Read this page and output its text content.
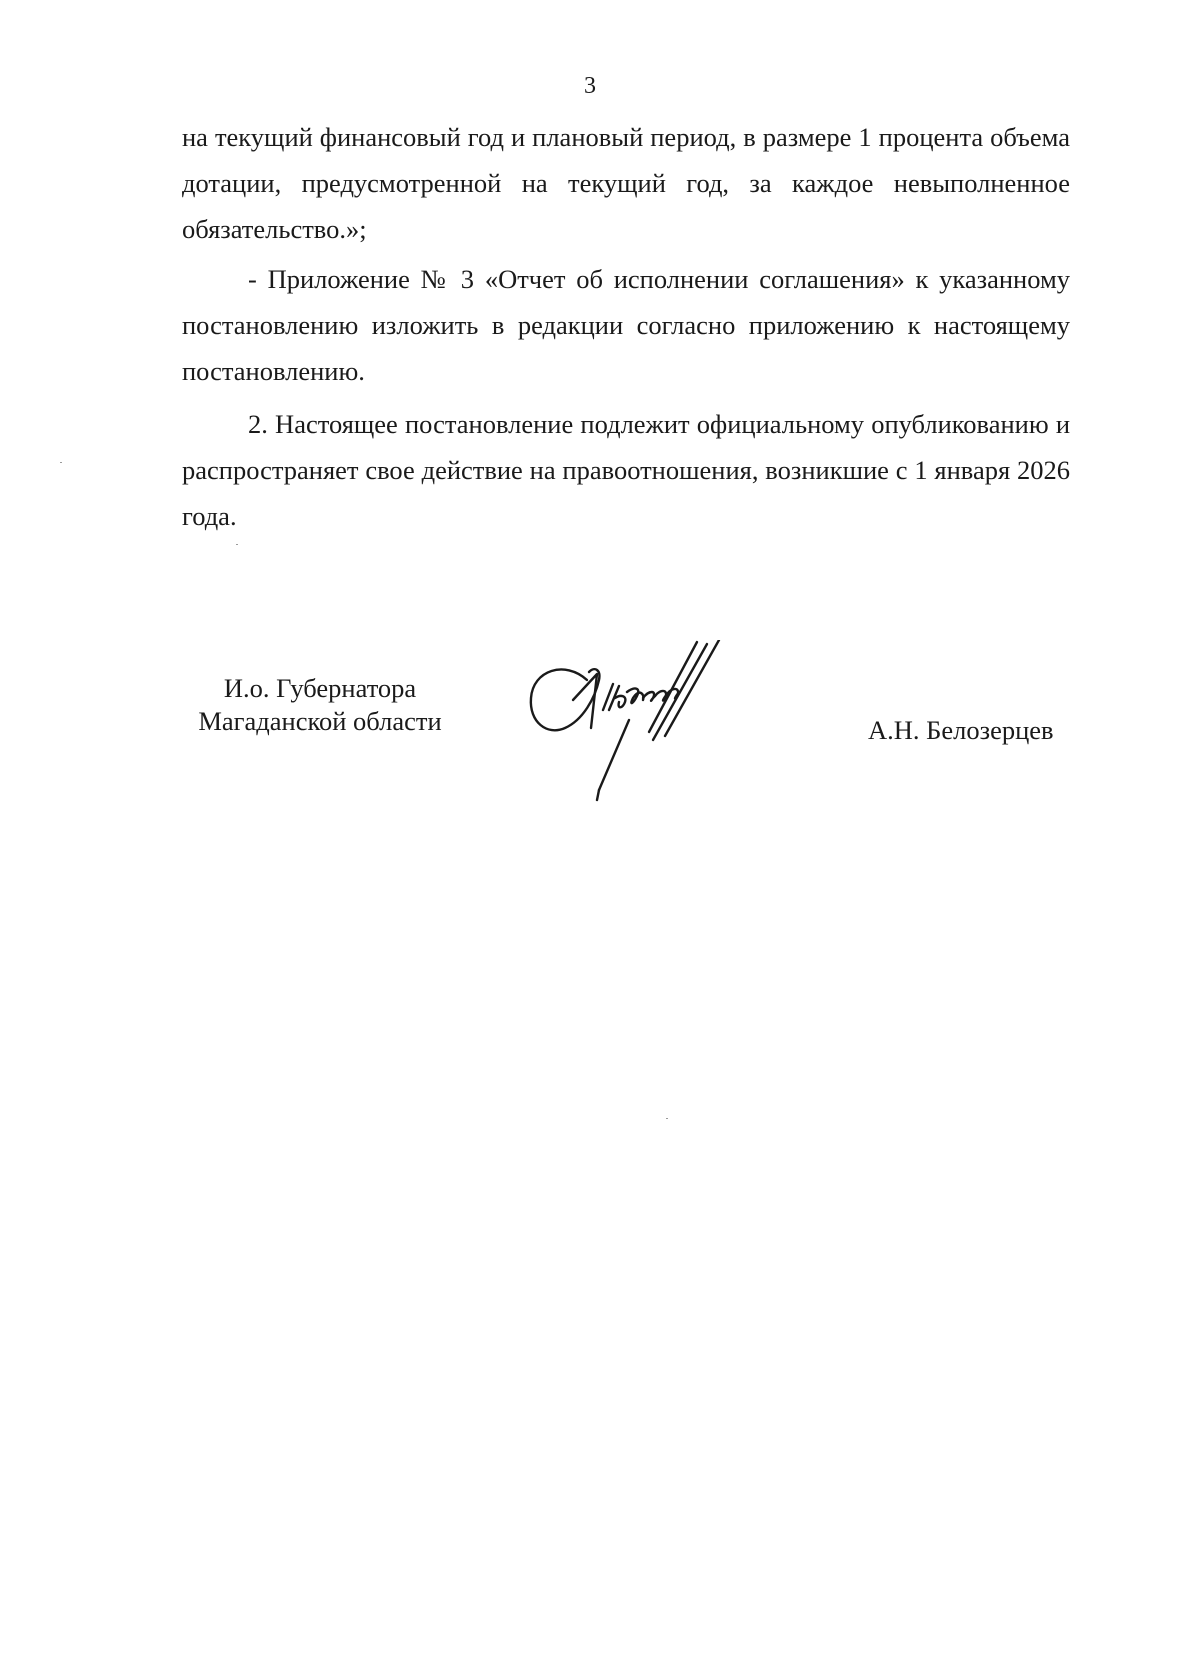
3

на текущий финансовый год и плановый период, в размере 1 процента объема дотации, предусмотренной на текущий год, за каждое невыполненное обязательство.»;

- Приложение № 3 «Отчет об исполнении соглашения» к указанному постановлению изложить в редакции согласно приложению к настоящему постановлению.

2. Настоящее постановление подлежит официальному опубликованию и распространяет свое действие на правоотношения, возникшие с 1 января 2026 года.

И.о. Губернатора
Магаданской области	А.Н. Белозерцев
